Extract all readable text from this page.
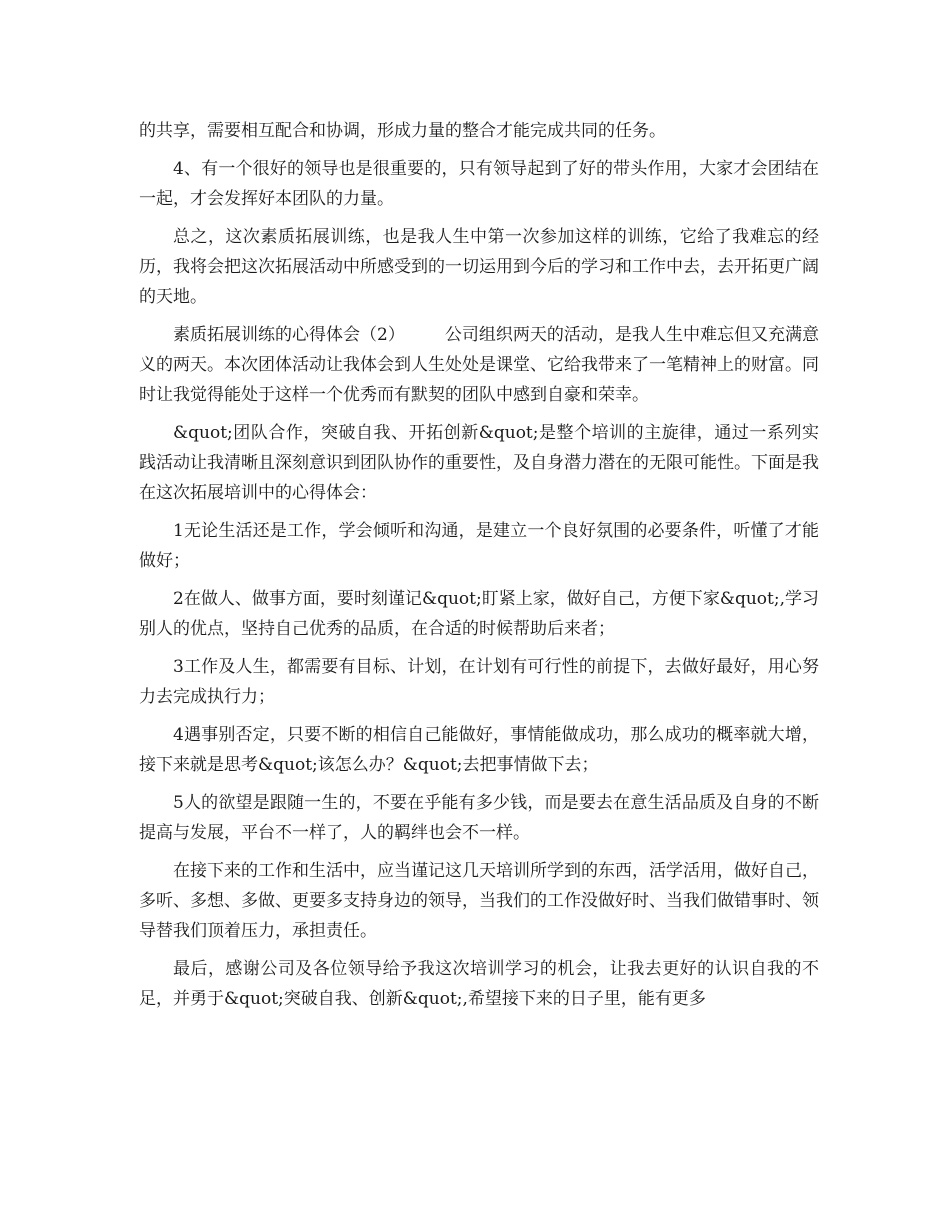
的共享，需要相互配合和协调，形成力量的整合才能完成共同的任务。

4、有一个很好的领导也是很重要的，只有领导起到了好的带头作用，大家才会团结在一起，才会发挥好本团队的力量。

总之，这次素质拓展训练，也是我人生中第一次参加这样的训练，它给了我难忘的经历，我将会把这次拓展活动中所感受到的一切运用到今后的学习和工作中去，去开拓更广阔的天地。

素质拓展训练的心得体会（2） 公司组织两天的活动，是我人生中难忘但又充满意义的两天。本次团体活动让我体会到人生处处是课堂、它给我带来了一笔精神上的财富。同时让我觉得能处于这样一个优秀而有默契的团队中感到自豪和荣幸。

&quot;团队合作，突破自我、开拓创新&quot;是整个培训的主旋律，通过一系列实践活动让我清晰且深刻意识到团队协作的重要性，及自身潜力潜在的无限可能性。下面是我在这次拓展培训中的心得体会：

1无论生活还是工作，学会倾听和沟通，是建立一个良好氛围的必要条件，听懂了才能做好；

2在做人、做事方面，要时刻谨记&quot;盯紧上家，做好自己，方便下家&quot;,学习别人的优点，坚持自己优秀的品质，在合适的时候帮助后来者；

3工作及人生，都需要有目标、计划，在计划有可行性的前提下，去做好最好，用心努力去完成执行力；

4遇事别否定，只要不断的相信自己能做好，事情能做成功，那么成功的概率就大增，接下来就是思考&quot;该怎么办？&quot;去把事情做下去；

5人的欲望是跟随一生的，不要在乎能有多少钱，而是要去在意生活品质及自身的不断提高与发展，平台不一样了，人的羁绊也会不一样。

在接下来的工作和生活中，应当谨记这几天培训所学到的东西，活学活用，做好自己，多听、多想、多做、更要多支持身边的领导，当我们的工作没做好时、当我们做错事时、领导替我们顶着压力，承担责任。

最后，感谢公司及各位领导给予我这次培训学习的机会，让我去更好的认识自我的不足，并勇于&quot;突破自我、创新&quot;,希望接下来的日子里，能有更多
